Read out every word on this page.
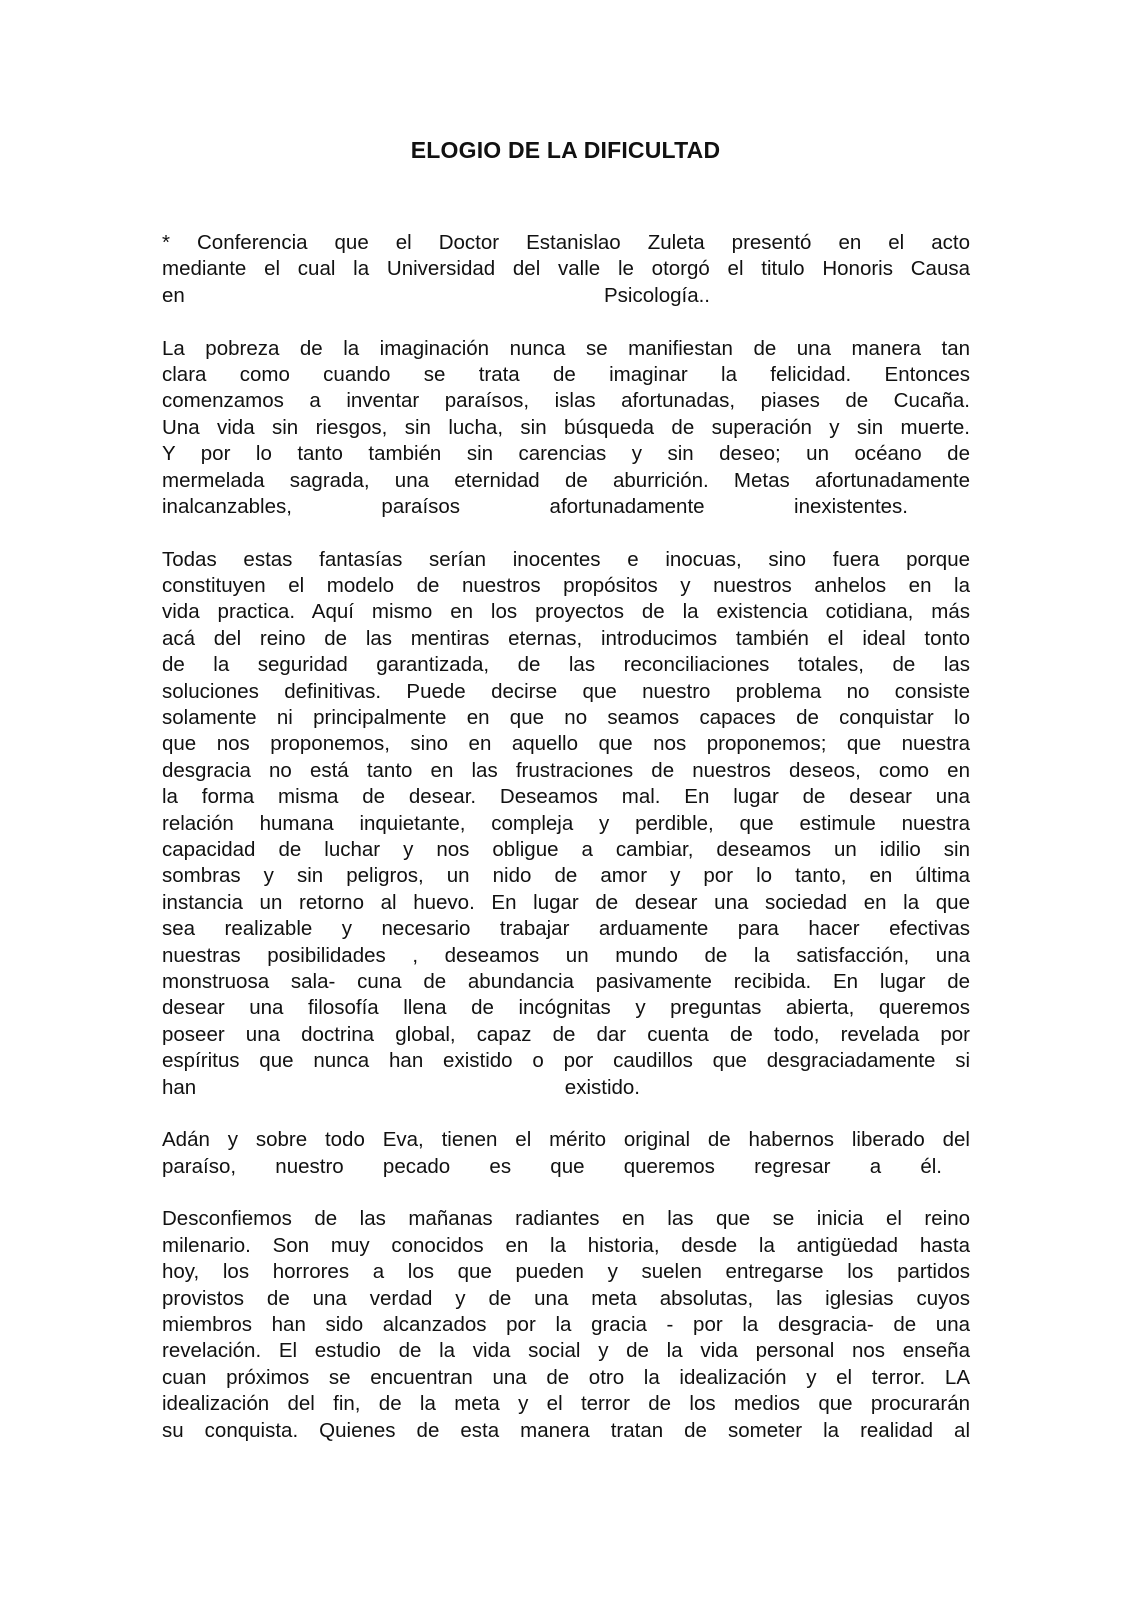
ELOGIO DE LA DIFICULTAD
* Conferencia que el Doctor Estanislao Zuleta presentó en el acto
mediante el cual la Universidad del valle le otorgó el titulo Honoris Causa
en Psicología..
La pobreza de la imaginación nunca se manifiestan de una manera tan
clara como cuando se trata de imaginar la felicidad. Entonces
comenzamos a inventar paraísos, islas afortunadas, piases de Cucaña.
Una vida sin riesgos, sin lucha, sin búsqueda de superación y sin muerte.
Y por lo tanto también sin carencias y sin deseo; un océano de
mermelada sagrada, una eternidad de aburrición. Metas afortunadamente
inalcanzables, paraísos afortunadamente inexistentes.
Todas estas fantasías serían inocentes e inocuas, sino fuera porque
constituyen el modelo de nuestros propósitos y nuestros anhelos en la
vida practica. Aquí mismo en los proyectos de la existencia cotidiana, más
acá del reino de las mentiras eternas, introducimos también el ideal tonto
de la seguridad garantizada, de las reconciliaciones totales, de las
soluciones definitivas. Puede decirse que nuestro problema no consiste
solamente ni principalmente en que no seamos capaces de conquistar lo
que nos proponemos, sino en aquello que nos proponemos; que nuestra
desgracia no está tanto en las frustraciones de nuestros deseos, como en
la forma misma de desear. Deseamos mal. En lugar de desear una
relación humana inquietante, compleja y perdible, que estimule nuestra
capacidad de luchar y nos obligue a cambiar, deseamos un idilio sin
sombras y sin peligros, un nido de amor y por lo tanto, en última
instancia un retorno al huevo. En lugar de desear una sociedad en la que
sea realizable y necesario trabajar arduamente para hacer efectivas
nuestras posibilidades , deseamos un mundo de la satisfacción, una
monstruosa sala- cuna de abundancia pasivamente recibida. En lugar de
desear una filosofía llena de incógnitas y preguntas abierta, queremos
poseer una doctrina global, capaz de dar cuenta de todo, revelada por
espíritus que nunca han existido o por caudillos que desgraciadamente si
han existido.
Adán y sobre todo Eva, tienen el mérito original de habernos liberado del
paraíso, nuestro pecado es que queremos regresar a él.
Desconfiemos de las mañanas radiantes en las que se inicia el reino
milenario. Son muy conocidos en la historia, desde la antigüedad hasta
hoy, los horrores a los que pueden y suelen entregarse los partidos
provistos de una verdad y de una meta absolutas, las iglesias cuyos
miembros han sido alcanzados por la gracia - por la desgracia- de una
revelación. El estudio de la vida social y de la vida personal nos enseña
cuan próximos se encuentran una de otro la idealización y el terror. LA
idealización del fin, de la meta y el terror de los medios que procurarán
su conquista. Quienes de esta manera tratan de someter la realidad al
